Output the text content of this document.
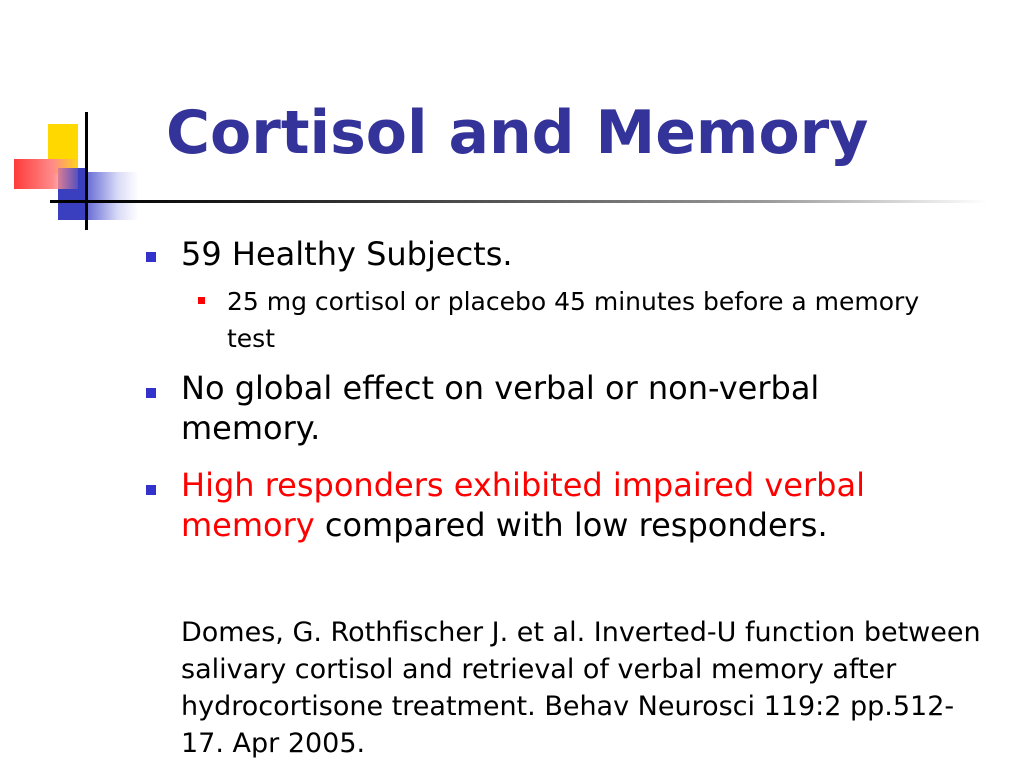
Cortisol and Memory
59 Healthy Subjects.
25 mg cortisol or placebo 45 minutes before a memory test
No global effect on verbal or non-verbal memory.
High responders exhibited impaired verbal memory compared with low responders.
Domes, G. Rothfischer J. et al. Inverted-U function between salivary cortisol and retrieval of verbal memory after hydrocortisone treatment. Behav Neurosci 119:2 pp.512-17. Apr 2005.
